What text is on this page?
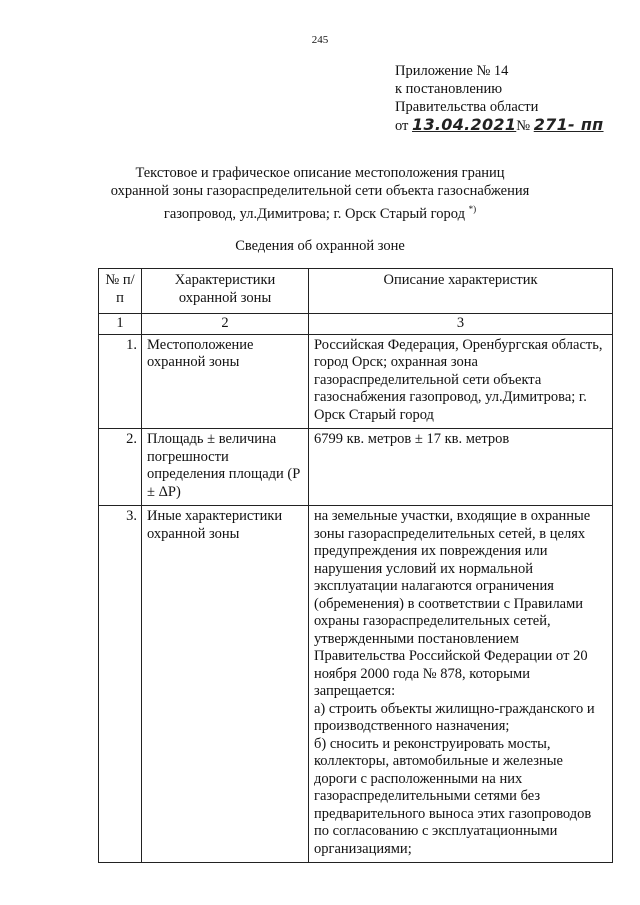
245
Приложение № 14
к постановлению
Правительства области
от 13.04.2021№ 271- пп
Текстовое и графическое описание местоположения границ
охранной зоны газораспределительной сети объекта газоснабжения
газопровод, ул.Димитрова; г. Орск Старый город *)
Сведения об охранной зоне
№ п/п	Характеристики охранной зоны	Описание характеристик
1	2	3
1.	Местоположение охранной зоны	Российская Федерация, Оренбургская область, город Орск; охранная зона газораспределительной сети объекта газоснабжения газопровод, ул.Димитрова; г. Орск Старый город
2.	Площадь ± величина погрешности определения площади (Р ± ΔР)	6799 кв. метров ± 17 кв. метров
3.	Иные характеристики охранной зоны	на земельные участки, входящие в охранные зоны газораспределительных сетей, в целях предупреждения их повреждения или нарушения условий их нормальной эксплуатации налагаются ограничения (обременения) в соответствии с Правилами охраны газораспределительных сетей, утвержденными постановлением Правительства Российской Федерации от 20 ноября 2000 года № 878, которыми запрещается:
а) строить объекты жилищно-гражданского и производственного назначения;
б) сносить и реконструировать мосты, коллекторы, автомобильные и железные дороги с расположенными на них газораспределительными сетями без предварительного выноса этих газопроводов по согласованию с эксплуатационными организациями;
